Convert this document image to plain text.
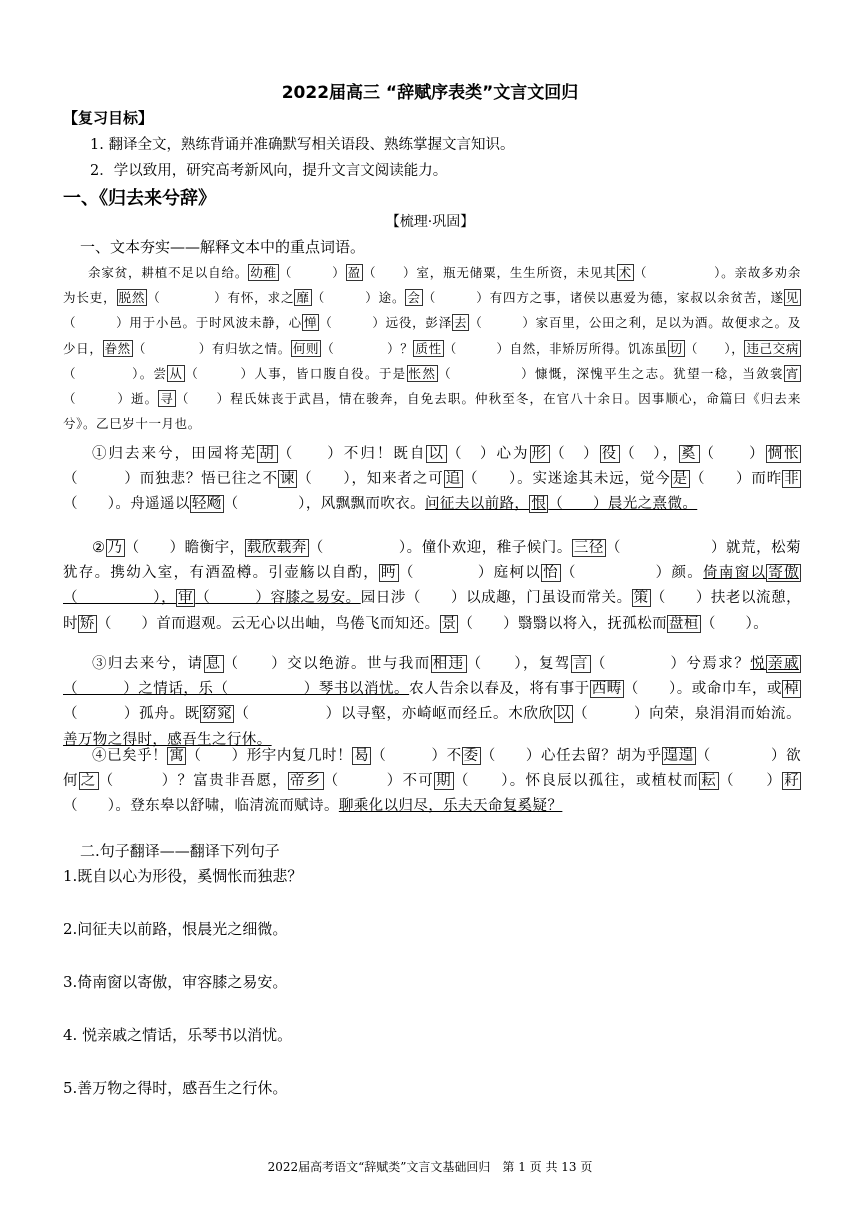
2022届高三 “辞赋序表类”文言文回归
【复习目标】
1. 翻译全文，熟练背诵并准确默写相关语段、熟练掌握文言知识。
2．学以致用，研究高考新风向，提升文言文阅读能力。
一、《归去来兮辞》
【梳理·巩固】
一、文本夯实——解释文本中的重点词语。
余家贫，耕植不足以自给。 幼稚 （　　　） 盈 （　　）室，瓶无储粟，生生所资，未见其 术 （　　　　　）。亲故多劝余为长吏， 脱然 （　　　　）有怀，求之 靡 （　　　）途。 会 （　　　）有四方之事，诸侯以惠爱为德，家叔以余贫苦，遂 见（　　　）用于小邑。于时风波未静，心 惮 （　　　）远役，彭泽 去 （　　　）家百里，公田之利，足以为酒。故便求之。及少日， 眷然 （　　　　）有归欤之情。 何则 （　　　　）？ 质性 （　　　）自然，非矫厉所得。饥冻虽 切 （　　）， 违己交病（　　　　）。尝 从 （　　　）人事，皆口腹自役。于是 怅然 （　　　　　）慷慨，深愧平生之志。犹望一稔，当敛裳 宵（　　　）逝。 寻 （　　）程氏妹丧于武昌，情在骏奔，自免去职。仲秋至冬，在官八十余日。因事顺心，命篇曰《归去来兮》。乙巳岁十一月也。
①归去来兮，田园将芜 胡 （　　）不归！既自 以 （　）心为 形 （　） 役 （　）， 奚 （　　） 惆怅（　　　）而独悲？悟已往之不 谏 （　　），知来者之可 追 （　　）。实迷途其未远，觉今 是 （　　）而昨 非（　　）。舟遥遥以 轻飏 （　　　　），风飘飘而吹衣。问征夫以前路， 恨 （　　）晨光之熹微。
② 乃 （　　）瞻衡宇， 载欣载奔 （　　　　　）。僮仆欢迎，稚子候门。 三径 （　　　　　　）就荒，松菊犹存。携幼入室，有酒盈樽。引壶觞以自酌， 眄 （　　　　）庭柯以 怡 （　　　　　）颜。倚南窗以 寄傲（　　　　　）， 审 （　　　）容膝之易安。园日涉（　　）以成趣，门虽设而常关。 策 （　　）扶老以流憩，时 矫 （　　）首而遐观。云无心以出岫，鸟倦飞而知还。 景 （　　）翳翳以将入，抚孤松而 盘桓 （　　）。
③归去来兮，请 息 （　　）交以绝游。世与我而 相违 （　　），复驾 言 （　　　　）兮焉求？悦 亲戚（　　　）之情话，乐（　　　　　）琴书以消忧。农人告余以春及，将有事于 西畴 （　　）。或命巾车，或 棹（　　　）孤舟。既 窈窕 （　　　　　）以寻壑，亦崎岖而经丘。木欣欣 以 （　　　）向荣，泉涓涓而始流。善万物之得时，感吾生之行休。
④已矣乎！ 寓 （　　）形宇内复几时！ 曷 （　　　）不 委 （　　）心任去留？胡为乎 遑遑 （　　　　）欲何 之 （　　　）？富贵非吾愿， 帝乡 （　　　）不可 期 （　　）。怀良辰以孤往，或植杖而 耘 （　　） 耔（　　）。登东皋以舒啸，临清流而赋诗。聊乘化以归尽，乐夫天命复奚疑？
二.句子翻译——翻译下列句子
1.既自以心为形役，奚惆怅而独悲？
2.问征夫以前路，恨晨光之细微。
3.倚南窗以寄傲，审容膝之易安。
4. 悦亲戚之情话，乐琴书以消忧。
5.善万物之得时，感吾生之行休。
2022届高考语文“辞赋类”文言文基础回归　第 1 页 共 13 页
